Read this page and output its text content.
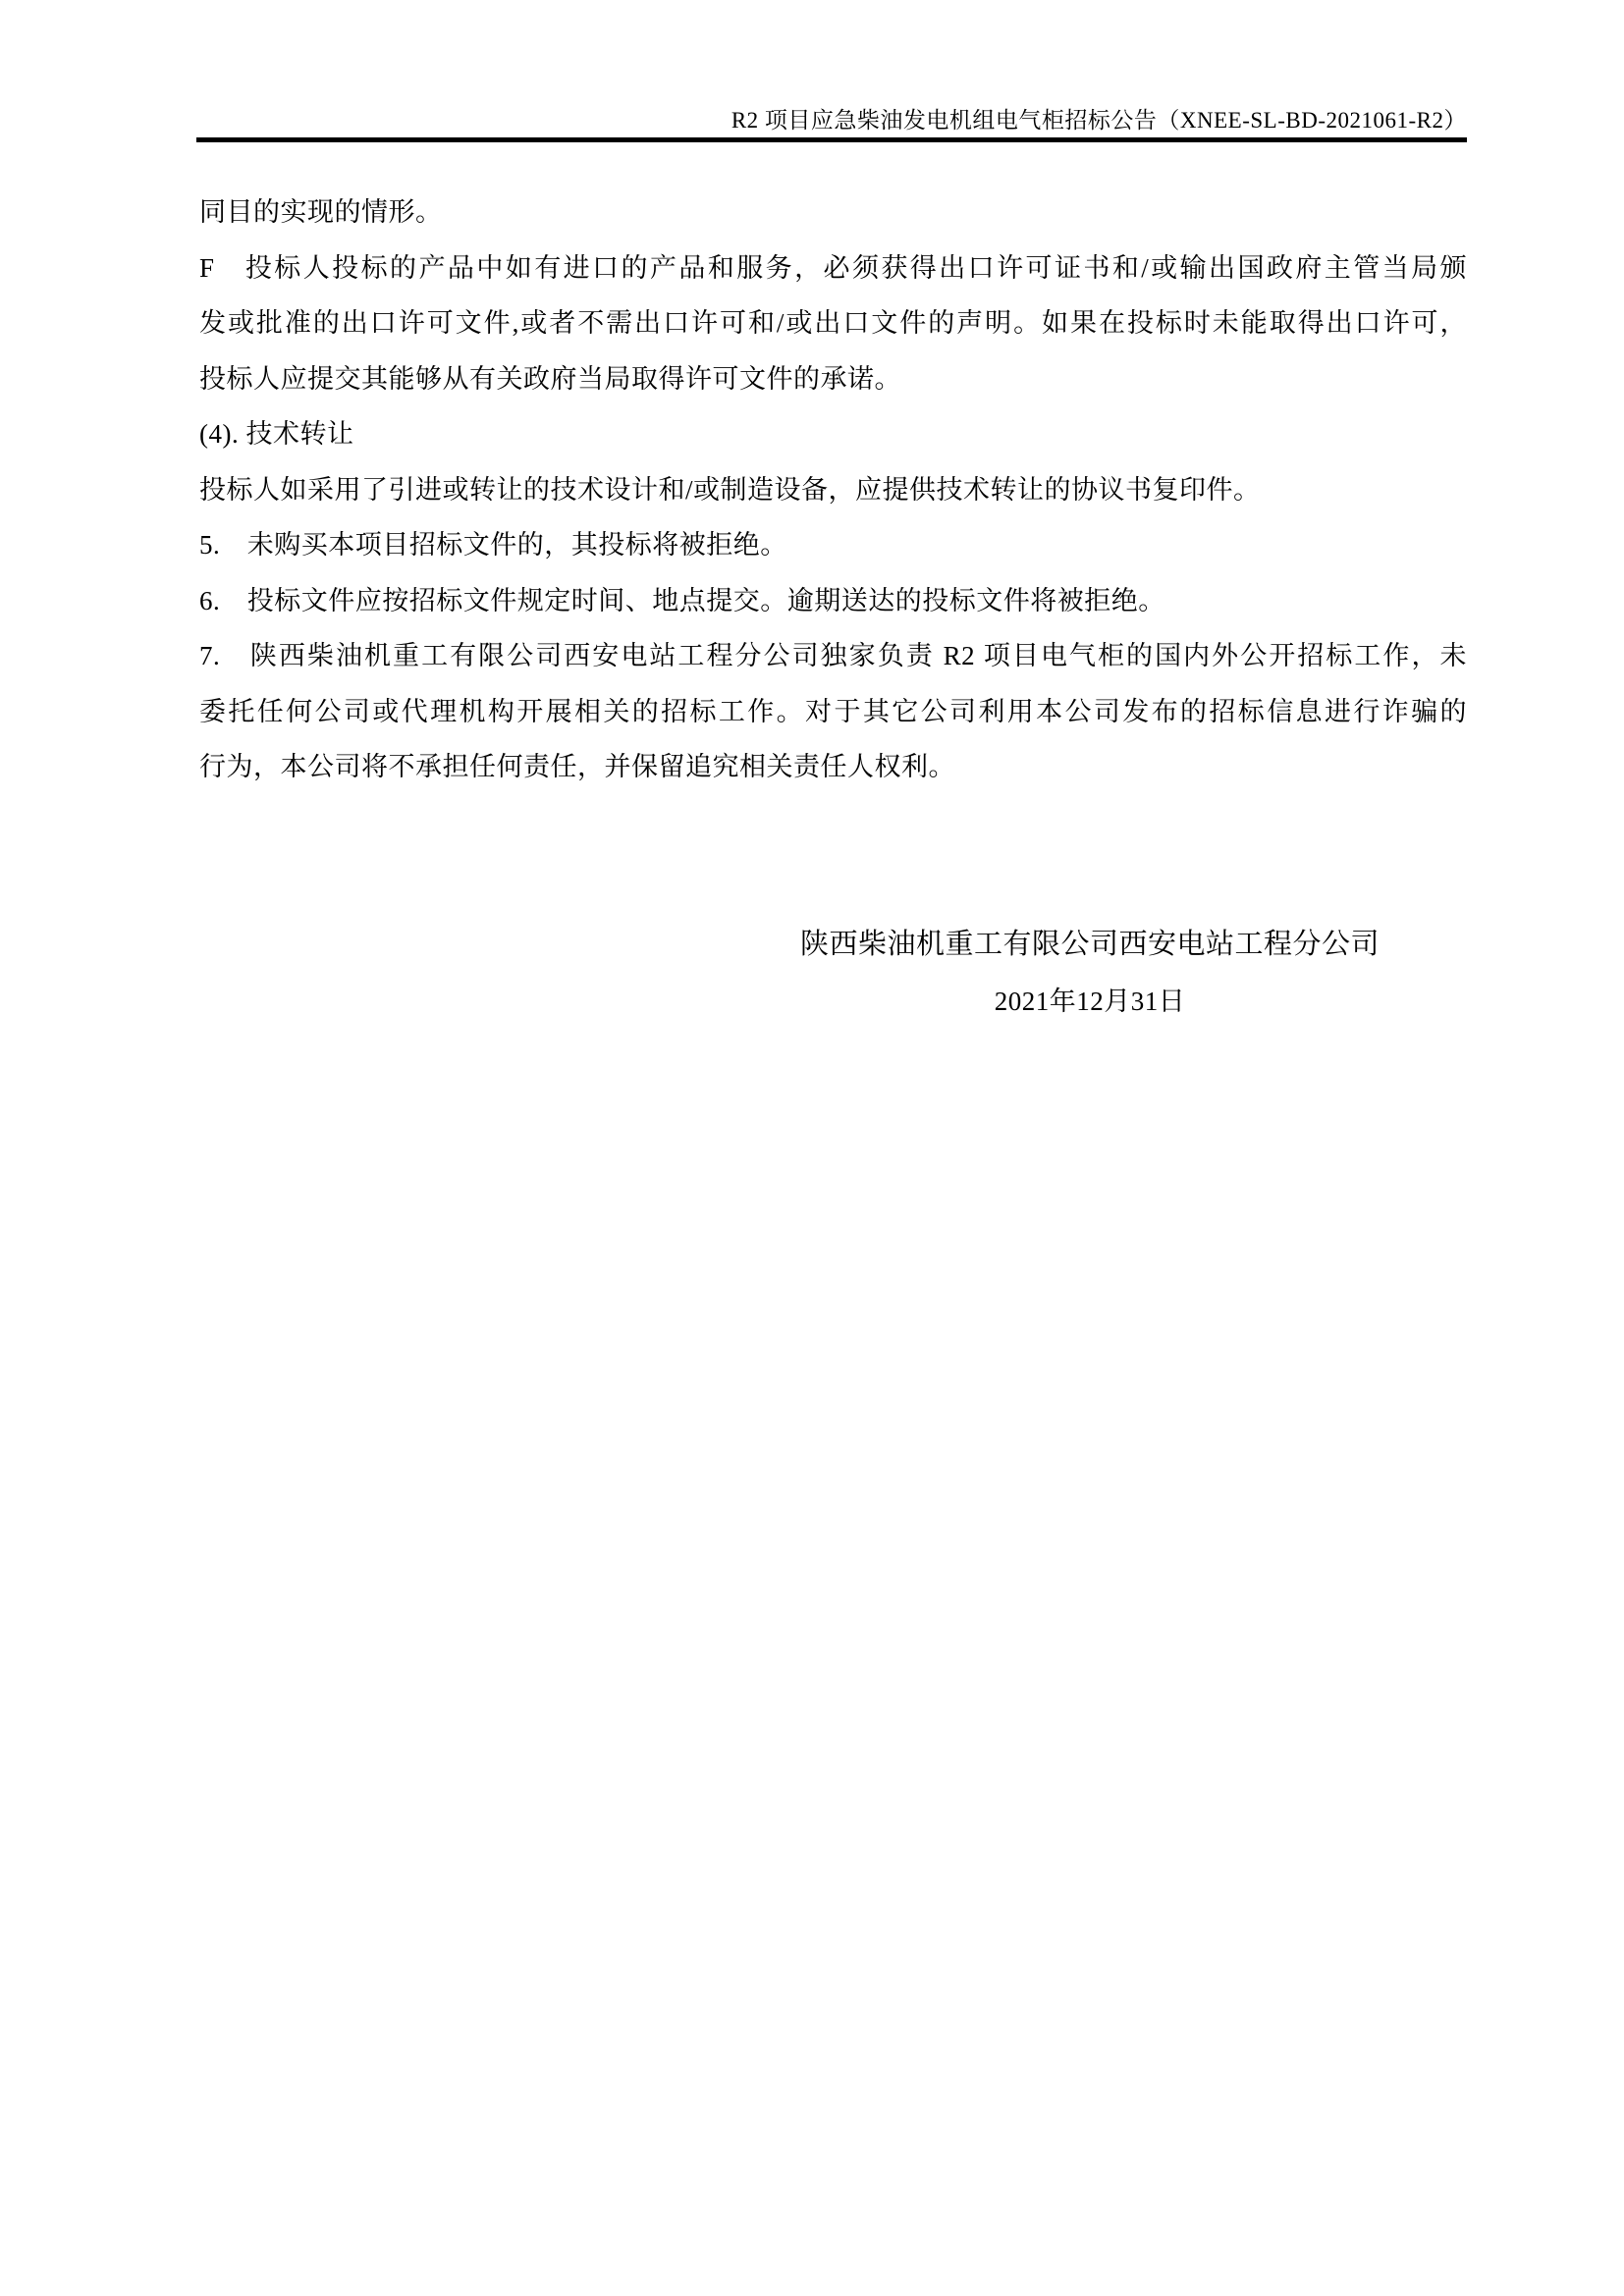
R2 项目应急柴油发电机组电气柜招标公告（XNEE-SL-BD-2021061-R2）
同目的实现的情形。
F　投标人投标的产品中如有进口的产品和服务，必须获得出口许可证书和/或输出国政府主管当局颁
发或批准的出口许可文件,或者不需出口许可和/或出口文件的声明。如果在投标时未能取得出口许可，
投标人应提交其能够从有关政府当局取得许可文件的承诺。
(4). 技术转让
投标人如采用了引进或转让的技术设计和/或制造设备，应提供技术转让的协议书复印件。
5.　未购买本项目招标文件的，其投标将被拒绝。
6.　投标文件应按招标文件规定时间、地点提交。逾期送达的投标文件将被拒绝。
7.　陕西柴油机重工有限公司西安电站工程分公司独家负责 R2 项目电气柜的国内外公开招标工作，未
委托任何公司或代理机构开展相关的招标工作。对于其它公司利用本公司发布的招标信息进行诈骗的
行为，本公司将不承担任何责任，并保留追究相关责任人权利。
陕西柴油机重工有限公司西安电站工程分公司
2021年12月31日
